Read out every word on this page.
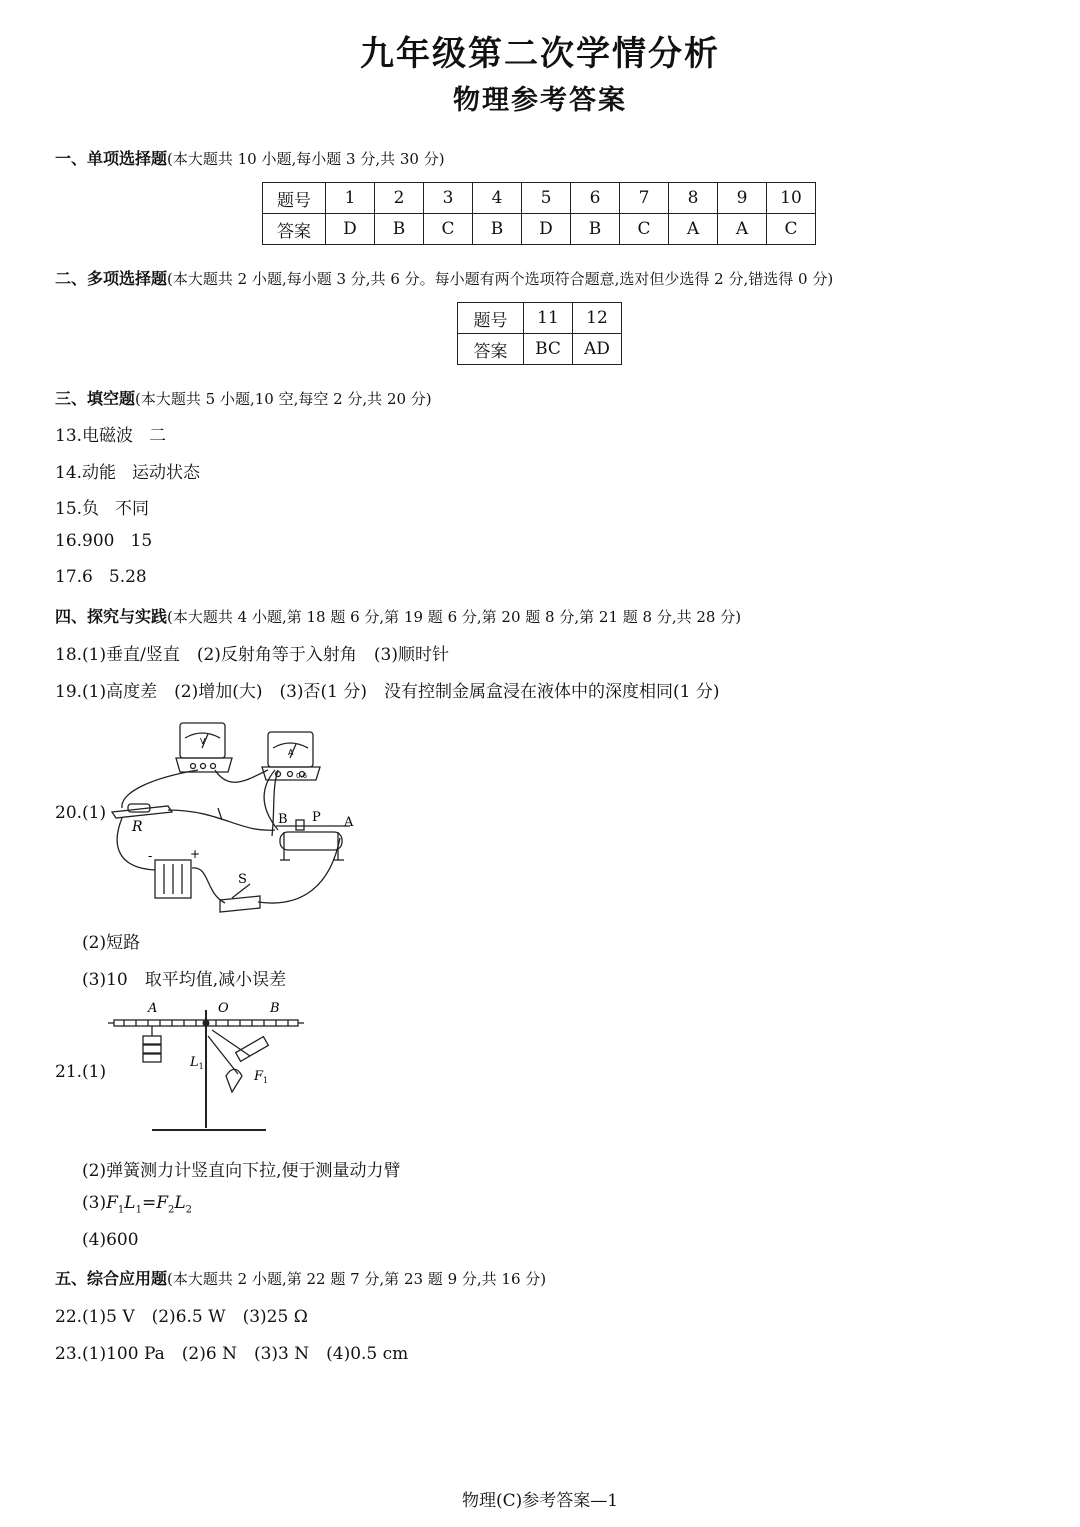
九年级第二次学情分析
物理参考答案
一、单项选择题(本大题共 10 小题,每小题 3 分,共 30 分)
题号	1	2	3	4	5	6	7	8	9	10
答案	D	B	C	B	D	B	C	A	A	C
二、多项选择题(本大题共 2 小题,每小题 3 分,共 6 分。每小题有两个选项符合题意,选对但少选得 2 分,错选得 0 分)
题号	11	12
答案	BC	AD
三、填空题(本大题共 5 小题,10 空,每空 2 分,共 20 分)
13.电磁波 二
14.动能 运动状态
15.负 不同
16.900 15
17.6 5.28
四、探究与实践(本大题共 4 小题,第 18 题 6 分,第 19 题 6 分,第 20 题 8 分,第 21 题 8 分,共 28 分)
18.(1)垂直/竖直　(2)反射角等于入射角　(3)顺时针
19.(1)高度差　(2)增加(大)　(3)否(1 分)　没有控制金属盒浸在液体中的深度相同(1 分)
20.(1)
V
A
0.6
R	B P A
S
-	+
(2)短路
(3)10　取平均值,减小误差
21.(1)
A	O	B
$L_1$
$F_1$
(2)弹簧测力计竖直向下拉,便于测量动力臂
$(3)F_1L_1=F_2L_2$
(4)600
五、综合应用题(本大题共 2 小题,第 22 题 7 分,第 23 题 9 分,共 16 分)
22.(1)5 V　(2)6.5 W　(3)25 Ω
23.(1)100 Pa　(2)6 N　(3)3 N　(4)0.5 cm
物理(C)参考答案—1
